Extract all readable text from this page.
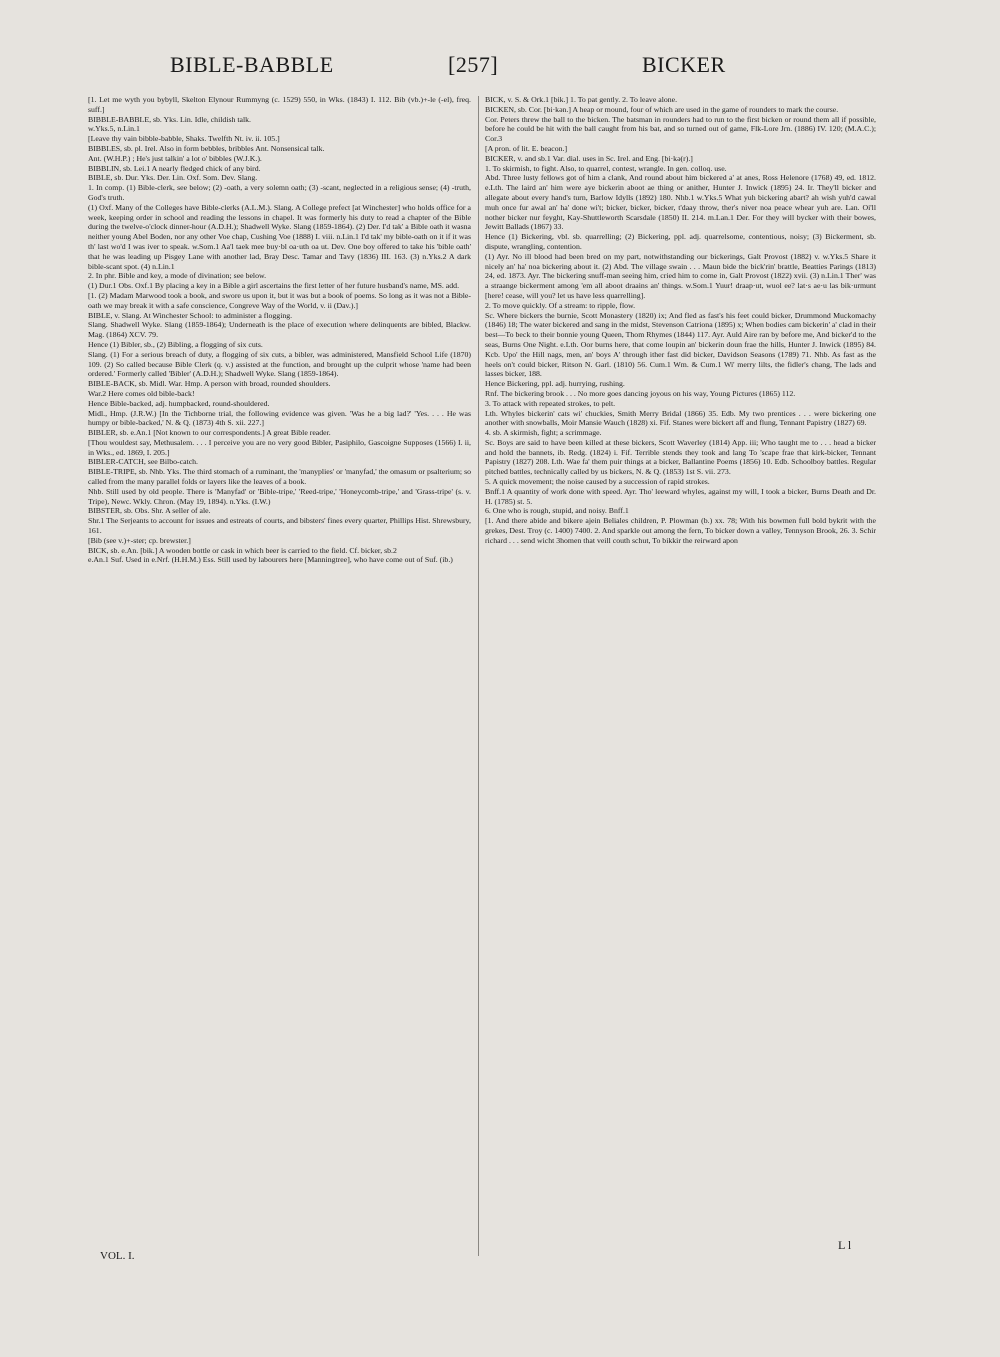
BIBLE-BABBLE	[257]	BICKER

[1. Let me wyth you bybyll, Skelton Elynour Rummyng (c. 1529) 550, in Wks. (1843) I. 112. Bib (vb.)+-le (-el), freq. suff.]

BIBBLE-BABBLE, sb. Yks. Lin. Idle, childish talk.

w.Yks.5, n.Lin.1

[Leave thy vain bibble-babble, Shaks. Twelfth Nt. iv. ii. 105.]

BIBBLES, sb. pl. Irel. Also in form bebbles, bribbles Ant. Nonsensical talk.

Ant. (W.H.P.) ; He's just talkin' a lot o' bibbles (W.J.K.).

BIBBLIN, sb. Lei.1 A nearly fledged chick of any bird.

BIBLE, sb. Dur. Yks. Der. Lin. Oxf. Som. Dev. Slang.

1. In comp. (1) Bible-clerk, see below; (2) -oath, a very solemn oath; (3) -scant, neglected in a religious sense; (4) -truth, God's truth.

(1) Oxf. Many of the Colleges have Bible-clerks (A.L.M.). Slang. A College prefect [at Winchester] who holds office for a week, keeping order in school and reading the lessons in chapel. It was formerly his duty to read a chapter of the Bible during the twelve-o'clock dinner-hour (A.D.H.); Shadwell Wyke. Slang (1859-1864). (2) Der. I'd tak' a Bible oath it wasna neither young Abel Boden, nor any other Voe chap, Cushing Voe (1888) I. viii. n.Lin.1 I'd tak' my bible-oath on it if it was th' last wo'd I was iver to speak. w.Som.1 Aa'l taek mee buy·bl oa·uth oa ut. Dev. One boy offered to take his 'bible oath' that he was leading up Pisgey Lane with another lad, Bray Desc. Tamar and Tavy (1836) III. 163. (3) n.Yks.2 A dark bible-scant spot. (4) n.Lin.1

2. In phr. Bible and key, a mode of divination; see below.

(1) Dur.1 Obs. Oxf.1 By placing a key in a Bible a girl ascertains the first letter of her future husband's name, MS. add.

[1. (2) Madam Marwood took a book, and swore us upon it, but it was but a book of poems. So long as it was not a Bible-oath we may break it with a safe conscience, Congreve Way of the World, v. ii (Dav.).]

BIBLE, v. Slang. At Winchester School: to administer a flogging.

Slang. Shadwell Wyke. Slang (1859-1864); Underneath is the place of execution where delinquents are bibled, Blackw. Mag. (1864) XCV. 79.

Hence (1) Bibler, sb., (2) Bibling, a flogging of six cuts.

Slang. (1) For a serious breach of duty, a flogging of six cuts, a bibler, was administered, Mansfield School Life (1870) 109. (2) So called because Bible Clerk (q. v.) assisted at the function, and brought up the culprit whose 'name had been ordered.' Formerly called 'Bibler' (A.D.H.); Shadwell Wyke. Slang (1859-1864).

BIBLE-BACK, sb. Midl. War. Hmp. A person with broad, rounded shoulders.

War.2 Here comes old bible-back!

Hence Bible-backed, adj. humpbacked, round-shouldered.

Midl., Hmp. (J.R.W.) [In the Tichborne trial, the following evidence was given. 'Was he a big lad?' 'Yes. . . . He was humpy or bible-backed,' N. & Q. (1873) 4th S. xii. 227.]

BIBLER, sb. e.An.1 [Not known to our correspondents.] A great Bible reader.

[Thou wouldest say, Methusalem. . . . I perceive you are no very good Bibler, Pasiphilo, Gascoigne Supposes (1566) I. ii, in Wks., ed. 1869, I. 205.]

BIBLER-CATCH, see Bilbo-catch.

BIBLE-TRIPE, sb. Nhb. Yks. The third stomach of a ruminant, the 'manyplies' or 'manyfad,' the omasum or psalterium; so called from the many parallel folds or layers like the leaves of a book.

Nhb. Still used by old people. There is 'Manyfad' or 'Bible-tripe,' 'Reed-tripe,' 'Honeycomb-tripe,' and 'Grass-tripe' (s. v. Tripe), Newc. Wkly. Chron. (May 19, 1894). n.Yks. (I.W.)

BIBSTER, sb. Obs. Shr. A seller of ale.

Shr.1 The Serjeants to account for issues and estreats of courts, and bibsters' fines every quarter, Phillips Hist. Shrewsbury, 161.

[Bib (see v.)+-ster; cp. brewster.]

BICK, sb. e.An. [bik.] A wooden bottle or cask in which beer is carried to the field. Cf. bicker, sb.2

e.An.1 Suf. Used in e.Nrf. (H.H.M.) Ess. Still used by labourers here [Manningtree], who have come out of Suf. (ib.)

BICK, v. S. & Ork.1 [bik.] 1. To pat gently. 2. To leave alone.

BICKEN, sb. Cor. [bi·kən.] A heap or mound, four of which are used in the game of rounders to mark the course.

Cor. Peters threw the ball to the bicken. The batsman in rounders had to run to the first bicken or round them all if possible, before he could be hit with the ball caught from his bat, and so turned out of game, Flk-Lore Jrn. (1886) IV. 120; (M.A.C.); Cor.3

[A pron. of lit. E. beacon.]

BICKER, v. and sb.1 Var. dial. uses in Sc. Irel. and Eng. [bi·kə(r).]

1. To skirmish, to fight. Also, to quarrel, contest, wrangle. In gen. colloq. use.

Abd. Three lusty fellows got of him a clank, And round about him bickered a' at anes, Ross Helenore (1768) 49, ed. 1812. e.Lth. The laird an' him were aye bickerin aboot ae thing or anither, Hunter J. Inwick (1895) 24. Ir. They'll bicker and allegate about every hand's turn, Barlow Idylls (1892) 180. Nhb.1 w.Yks.5 What yuh bickering abart? ah wish yuh'd cawal muh once fur awal an' ha' done wi't; bicker, bicker, bicker, t'daay throw, ther's niver noa peace whear yuh are. Lan. Oi'll nother bicker nur feyght, Kay-Shuttleworth Scarsdale (1850) II. 214. m.Lan.1 Der. For they will bycker with their bowes, Jewitt Ballads (1867) 33.

Hence (1) Bickering, vbl. sb. quarrelling; (2) Bickering, ppl. adj. quarrelsome, contentious, noisy; (3) Bickerment, sb. dispute, wrangling, contention.

(1) Ayr. No ill blood had been bred on my part, notwithstanding our bickerings, Galt Provost (1882) v. w.Yks.5 Share it nicely an' ha' noa bickering about it. (2) Abd. The village swain . . . Maun bide the bick'rin' brattle, Beatties Parings (1813) 24, ed. 1873. Ayr. The bickering snuff-man seeing him, cried him to come in, Galt Provost (1822) xvii. (3) n.Lin.1 Ther' was a straange bickerment among 'em all aboot draains an' things. w.Som.1 Yuur! draap·ut, wuol ee? lat·s ae·u las bik·urmunt [here! cease, will you? let us have less quarrelling].

2. To move quickly. Of a stream: to ripple, flow.

Sc. Where bickers the burnie, Scott Monastery (1820) ix; And fled as fast's his feet could bicker, Drummond Muckomachy (1846) 18; The water bickered and sang in the midst, Stevenson Catriona (1895) x; When bodies cam bickerin' a' clad in their best—To beck to their bonnie young Queen, Thom Rhymes (1844) 117. Ayr. Auld Aire ran by before me, And bicker'd to the seas, Burns One Night. e.Lth. Oor burns here, that come loupin an' bickerin doun frae the hills, Hunter J. Inwick (1895) 84. Kcb. Upo' the Hill nags, men, an' boys A' through ither fast did bicker, Davidson Seasons (1789) 71. Nhb. As fast as the heels on't could bicker, Ritson N. Garl. (1810) 56. Cum.1 Wm. & Cum.1 Wi' merry lilts, the fidler's chang, The lads and lasses bicker, 188.

Hence Bickering, ppl. adj. hurrying, rushing.

Rnf. The bickering brook . . . No more goes dancing joyous on his way, Young Pictures (1865) 112.

3. To attack with repeated strokes, to pelt.

Lth. Whyles bickerin' cats wi' chuckies, Smith Merry Bridal (1866) 35. Edb. My two prentices . . . were bickering one another with snowballs, Moir Mansie Wauch (1828) xi. Fif. Stanes were bickert aff and flung, Tennant Papistry (1827) 69.

4. sb. A skirmish, fight; a scrimmage.

Sc. Boys are said to have been killed at these bickers, Scott Waverley (1814) App. iii; Who taught me to . . . head a bicker and hold the bannets, ib. Redg. (1824) i. Fif. Terrible stends they took and lang To 'scape frae that kirk-bicker, Tennant Papistry (1827) 208. Lth. Wae fa' them puir things at a bicker, Ballantine Poems (1856) 10. Edb. Schoolboy battles. Regular pitched battles, technically called by us bickers, N. & Q. (1853) 1st S. vii. 273.

5. A quick movement; the noise caused by a succession of rapid strokes.

Bnff.1 A quantity of work done with speed. Ayr. Tho' leeward whyles, against my will, I took a bicker, Burns Death and Dr. H. (1785) st. 5.

6. One who is rough, stupid, and noisy. Bnff.1

[1. And there abide and bikere ajein Beliales children, P. Plowman (b.) xx. 78; With his bowmen full bold bykrit with the grekes, Dest. Troy (c. 1400) 7400. 2. And sparkle out among the fern, To bicker down a valley, Tennyson Brook, 26. 3. Schir richard . . . send wicht 3homen that veill couth schut, To bikkir the reirward apon

VOL. I.
L l
